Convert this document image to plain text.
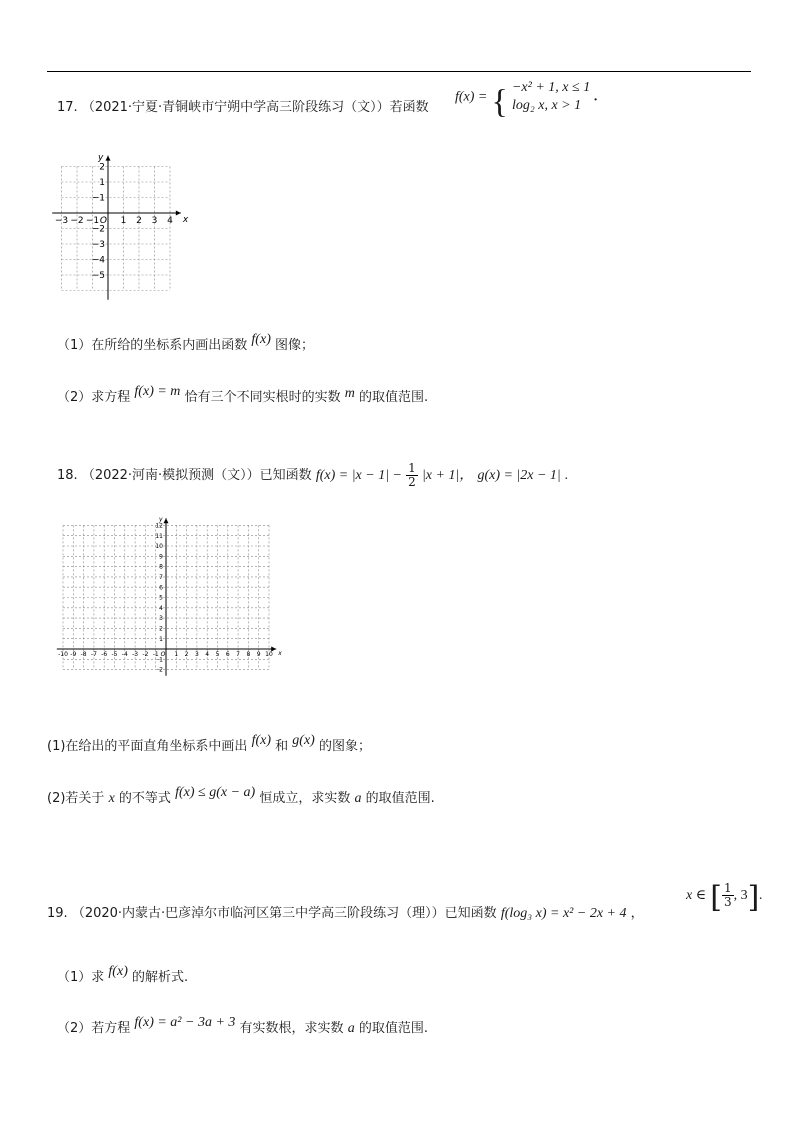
17. （2021·宁夏·青铜峡市宁朔中学高三阶段练习（文））若函数
f(x) = { −x² + 1, x ≤ 1
log₂ x, x > 1
.
x
y
O
−3 −2 −1 1 2 3 4
2
1
−1
−2
−3
−4
−5
（1）在所给的坐标系内画出函数 f(x) 图像；
（2）求方程 f(x) = m 恰有三个不同实根时的实数 m 的取值范围.
18. （2022·河南·模拟预测（文））已知函数 $f(x) = |x - 1| - \frac{1}{2} |x + 1|$， g(x) = |2x − 1| .
x
y
O
-10 -9 -8 -7 -6 -5 -4 -3 -2 -1	1 2 3 4 5 6 7 8 9 10
12
11
10
9
8
7
6
5
4
3
2
1
-1
-2
(1)在给出的平面直角坐标系中画出 f(x) 和 g(x) 的图象；
(2)若关于 x 的不等式 f(x) ≤ g(x − a) 恒成立，求实数 a 的取值范围.
19. （2020·内蒙古·巴彦淖尔市临河区第三中学高三阶段练习（理））已知函数 f(log₃ x) = x² − 2x + 4 ，
x ∈ [ $\frac{1}{3}$ , 3].
（1）求 f(x) 的解析式.
（2）若方程 f(x) = a² − 3a + 3 有实数根，求实数 a 的取值范围.
